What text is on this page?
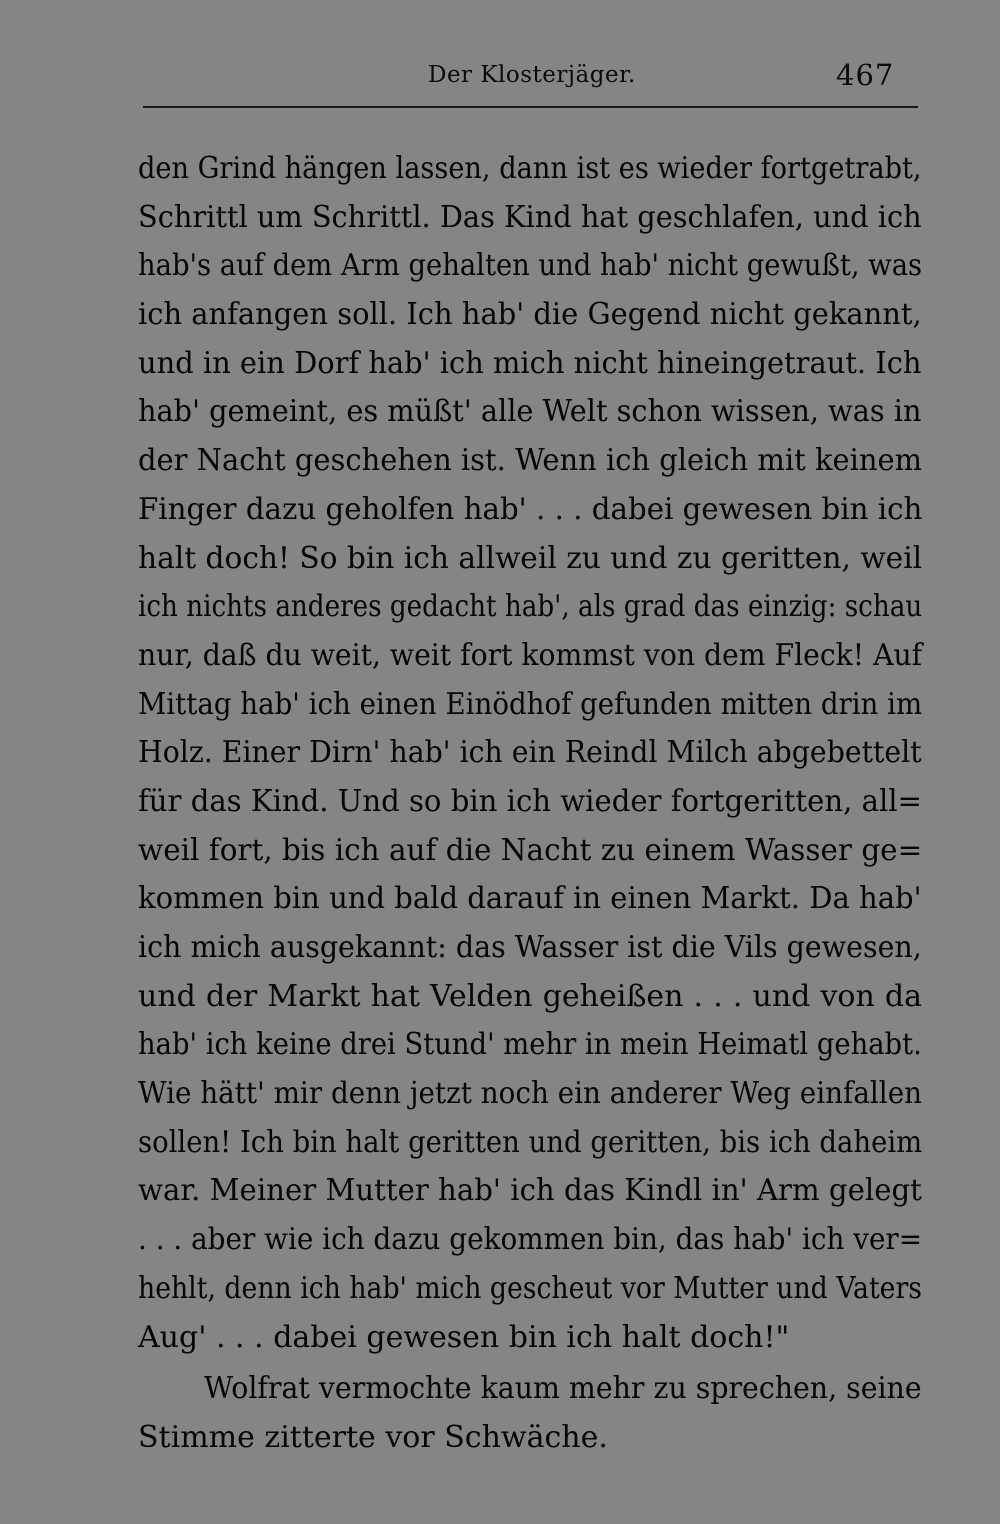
Der Klosterjäger.	467
den Grind hängen lassen, dann ist es wieder fortgetrabt,
Schrittl um Schrittl. Das Kind hat geschlafen, und ich
hab's auf dem Arm gehalten und hab' nicht gewußt, was
ich anfangen soll. Ich hab' die Gegend nicht gekannt,
und in ein Dorf hab' ich mich nicht hineingetraut. Ich
hab' gemeint, es müßt' alle Welt schon wissen, was in
der Nacht geschehen ist. Wenn ich gleich mit keinem
Finger dazu geholfen hab' . . . dabei gewesen bin ich
halt doch! So bin ich allweil zu und zu geritten, weil
ich nichts anderes gedacht hab', als grad das einzig: schau
nur, daß du weit, weit fort kommst von dem Fleck! Auf
Mittag hab' ich einen Einödhof gefunden mitten drin im
Holz. Einer Dirn' hab' ich ein Reindl Milch abgebettelt
für das Kind. Und so bin ich wieder fortgeritten, all=
weil fort, bis ich auf die Nacht zu einem Wasser ge=
kommen bin und bald darauf in einen Markt. Da hab'
ich mich ausgekannt: das Wasser ist die Vils gewesen,
und der Markt hat Velden geheißen . . . und von da
hab' ich keine drei Stund' mehr in mein Heimatl gehabt.
Wie hätt' mir denn jetzt noch ein anderer Weg einfallen
sollen! Ich bin halt geritten und geritten, bis ich daheim
war. Meiner Mutter hab' ich das Kindl in' Arm gelegt
. . . aber wie ich dazu gekommen bin, das hab' ich ver=
hehlt, denn ich hab' mich gescheut vor Mutter und Vaters
Aug' . . . dabei gewesen bin ich halt doch!"
Wolfrat vermochte kaum mehr zu sprechen, seine
Stimme zitterte vor Schwäche.
